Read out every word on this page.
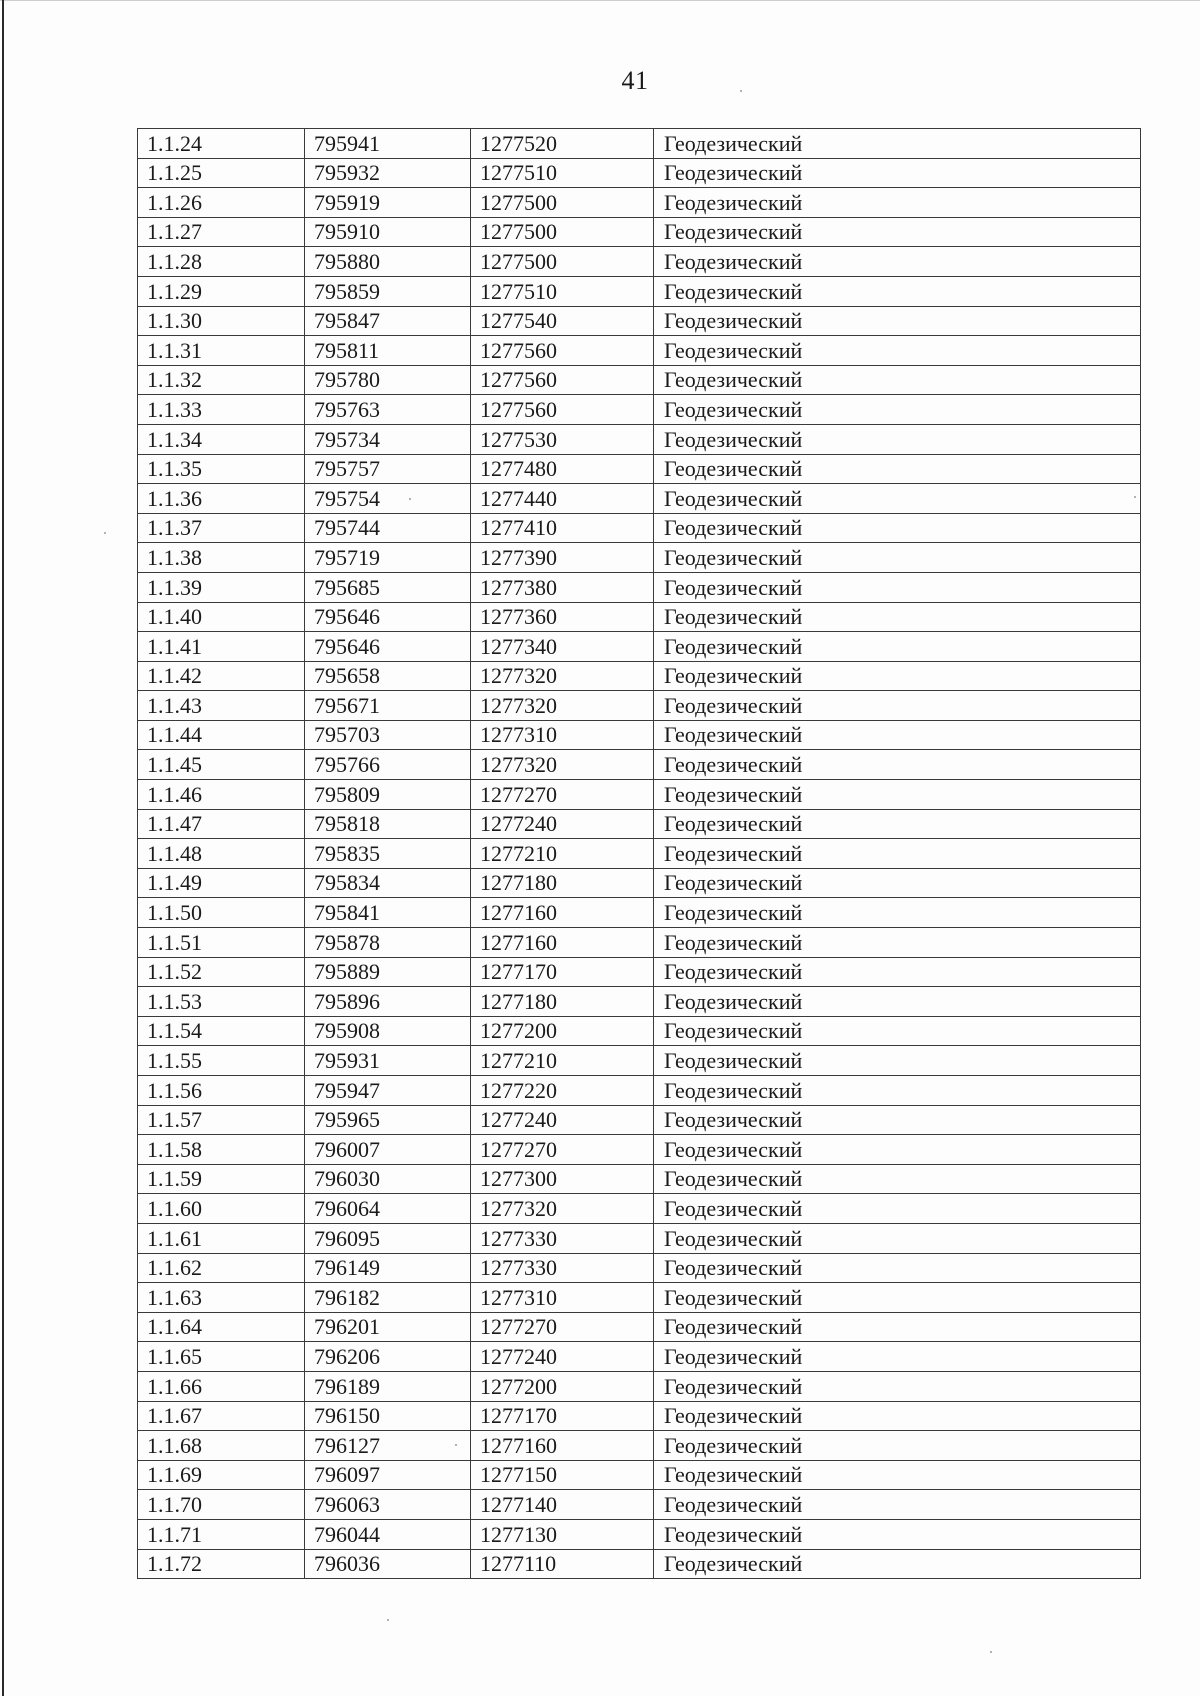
41
1.1.24	795941	1277520	Геодезический
1.1.25	795932	1277510	Геодезический
1.1.26	795919	1277500	Геодезический
1.1.27	795910	1277500	Геодезический
1.1.28	795880	1277500	Геодезический
1.1.29	795859	1277510	Геодезический
1.1.30	795847	1277540	Геодезический
1.1.31	795811	1277560	Геодезический
1.1.32	795780	1277560	Геодезический
1.1.33	795763	1277560	Геодезический
1.1.34	795734	1277530	Геодезический
1.1.35	795757	1277480	Геодезический
1.1.36	795754	1277440	Геодезический
1.1.37	795744	1277410	Геодезический
1.1.38	795719	1277390	Геодезический
1.1.39	795685	1277380	Геодезический
1.1.40	795646	1277360	Геодезический
1.1.41	795646	1277340	Геодезический
1.1.42	795658	1277320	Геодезический
1.1.43	795671	1277320	Геодезический
1.1.44	795703	1277310	Геодезический
1.1.45	795766	1277320	Геодезический
1.1.46	795809	1277270	Геодезический
1.1.47	795818	1277240	Геодезический
1.1.48	795835	1277210	Геодезический
1.1.49	795834	1277180	Геодезический
1.1.50	795841	1277160	Геодезический
1.1.51	795878	1277160	Геодезический
1.1.52	795889	1277170	Геодезический
1.1.53	795896	1277180	Геодезический
1.1.54	795908	1277200	Геодезический
1.1.55	795931	1277210	Геодезический
1.1.56	795947	1277220	Геодезический
1.1.57	795965	1277240	Геодезический
1.1.58	796007	1277270	Геодезический
1.1.59	796030	1277300	Геодезический
1.1.60	796064	1277320	Геодезический
1.1.61	796095	1277330	Геодезический
1.1.62	796149	1277330	Геодезический
1.1.63	796182	1277310	Геодезический
1.1.64	796201	1277270	Геодезический
1.1.65	796206	1277240	Геодезический
1.1.66	796189	1277200	Геодезический
1.1.67	796150	1277170	Геодезический
1.1.68	796127	1277160	Геодезический
1.1.69	796097	1277150	Геодезический
1.1.70	796063	1277140	Геодезический
1.1.71	796044	1277130	Геодезический
1.1.72	796036	1277110	Геодезический
